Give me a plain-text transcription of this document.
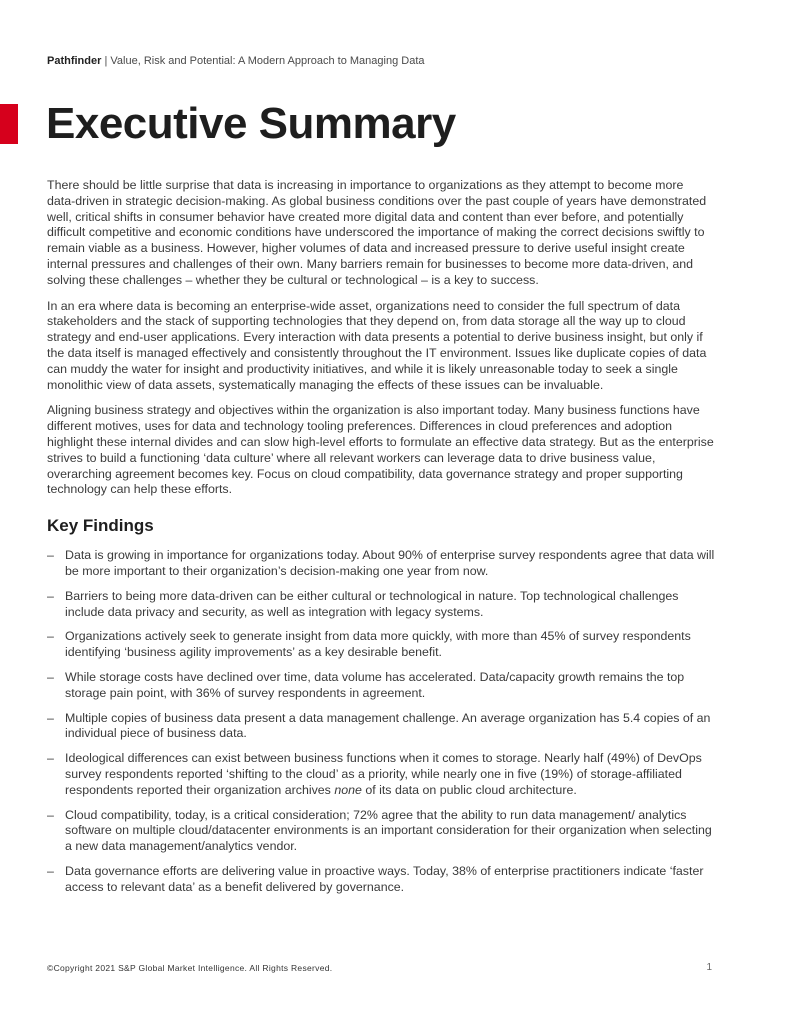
Pathfinder | Value, Risk and Potential: A Modern Approach to Managing Data
Executive Summary

There should be little surprise that data is increasing in importance to organizations as they attempt to become more data-driven in strategic decision-making. As global business conditions over the past couple of years have demonstrated well, critical shifts in consumer behavior have created more digital data and content than ever before, and potentially difficult competitive and economic conditions have underscored the importance of making the correct decisions swiftly to remain viable as a business. However, higher volumes of data and increased pressure to derive useful insight create internal pressures and challenges of their own. Many barriers remain for businesses to become more data-driven, and solving these challenges – whether they be cultural or technological – is a key to success.

In an era where data is becoming an enterprise-wide asset, organizations need to consider the full spectrum of data stakeholders and the stack of supporting technologies that they depend on, from data storage all the way up to cloud strategy and end-user applications. Every interaction with data presents a potential to derive business insight, but only if the data itself is managed effectively and consistently throughout the IT environment. Issues like duplicate copies of data can muddy the water for insight and productivity initiatives, and while it is likely unreasonable today to seek a single monolithic view of data assets, systematically managing the effects of these issues can be invaluable.

Aligning business strategy and objectives within the organization is also important today. Many business functions have different motives, uses for data and technology tooling preferences. Differences in cloud preferences and adoption highlight these internal divides and can slow high-level efforts to formulate an effective data strategy. But as the enterprise strives to build a functioning ‘data culture’ where all relevant workers can leverage data to drive business value, overarching agreement becomes key. Focus on cloud compatibility, data governance strategy and proper supporting technology can help these efforts.

Key Findings
– Data is growing in importance for organizations today. About 90% of enterprise survey respondents agree that data will be more important to their organization’s decision-making one year from now.
– Barriers to being more data-driven can be either cultural or technological in nature. Top technological challenges include data privacy and security, as well as integration with legacy systems.
– Organizations actively seek to generate insight from data more quickly, with more than 45% of survey respondents identifying ‘business agility improvements’ as a key desirable benefit.
– While storage costs have declined over time, data volume has accelerated. Data/capacity growth remains the top storage pain point, with 36% of survey respondents in agreement.
– Multiple copies of business data present a data management challenge. An average organization has 5.4 copies of an individual piece of business data.
– Ideological differences can exist between business functions when it comes to storage. Nearly half (49%) of DevOps survey respondents reported ‘shifting to the cloud’ as a priority, while nearly one in five (19%) of storage-affiliated respondents reported their organization archives none of its data on public cloud architecture.
– Cloud compatibility, today, is a critical consideration; 72% agree that the ability to run data management/ analytics software on multiple cloud/datacenter environments is an important consideration for their organization when selecting a new data management/analytics vendor.
– Data governance efforts are delivering value in proactive ways. Today, 38% of enterprise practitioners indicate ‘faster access to relevant data’ as a benefit delivered by governance.
©Copyright 2021 S&P Global Market Intelligence. All Rights Reserved.	1
